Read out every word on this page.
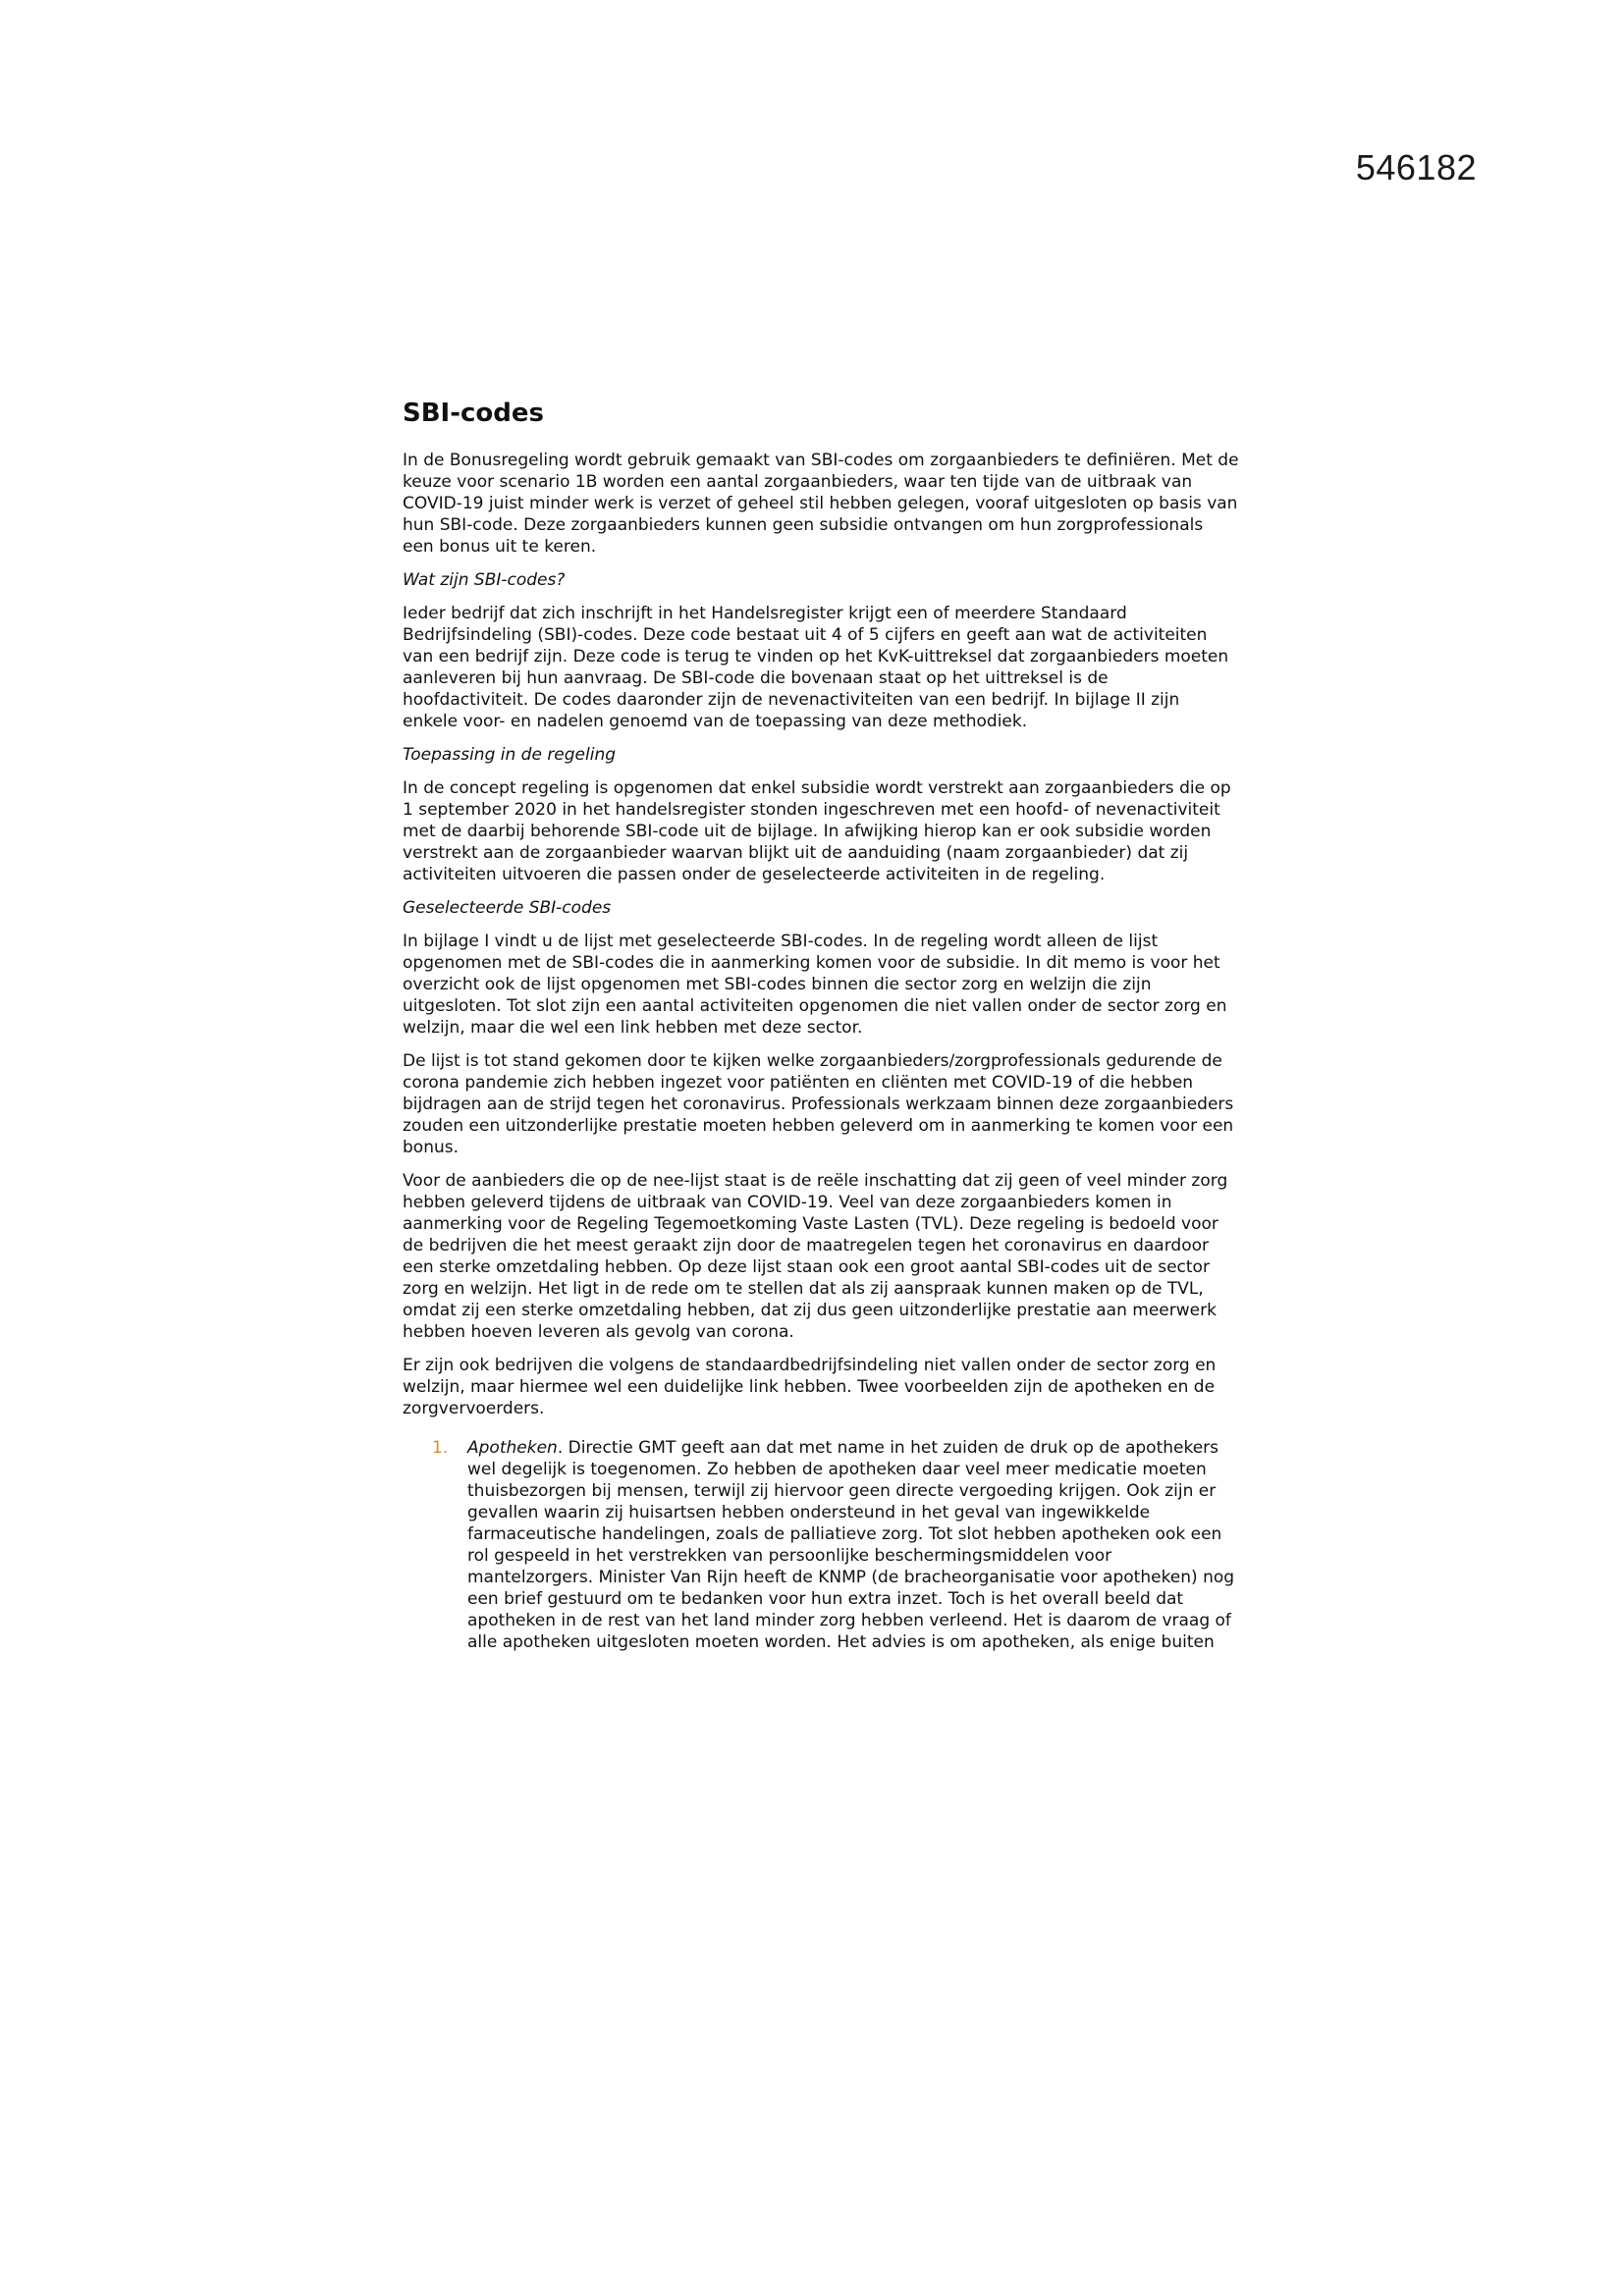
546182
SBI-codes

In de Bonusregeling wordt gebruik gemaakt van SBI-codes om zorgaanbieders te definiëren. Met de keuze voor scenario 1B worden een aantal zorgaanbieders, waar ten tijde van de uitbraak van COVID-19 juist minder werk is verzet of geheel stil hebben gelegen, vooraf uitgesloten op basis van hun SBI-code. Deze zorgaanbieders kunnen geen subsidie ontvangen om hun zorgprofessionals een bonus uit te keren.

Wat zijn SBI-codes?

Ieder bedrijf dat zich inschrijft in het Handelsregister krijgt een of meerdere Standaard Bedrijfsindeling (SBI)-codes. Deze code bestaat uit 4 of 5 cijfers en geeft aan wat de activiteiten van een bedrijf zijn. Deze code is terug te vinden op het KvK-uittreksel dat zorgaanbieders moeten aanleveren bij hun aanvraag. De SBI-code die bovenaan staat op het uittreksel is de hoofdactiviteit. De codes daaronder zijn de nevenactiviteiten van een bedrijf. In bijlage II zijn enkele voor- en nadelen genoemd van de toepassing van deze methodiek.

Toepassing in de regeling

In de concept regeling is opgenomen dat enkel subsidie wordt verstrekt aan zorgaanbieders die op 1 september 2020 in het handelsregister stonden ingeschreven met een hoofd- of nevenactiviteit met de daarbij behorende SBI-code uit de bijlage. In afwijking hierop kan er ook subsidie worden verstrekt aan de zorgaanbieder waarvan blijkt uit de aanduiding (naam zorgaanbieder) dat zij activiteiten uitvoeren die passen onder de geselecteerde activiteiten in de regeling.

Geselecteerde SBI-codes

In bijlage I vindt u de lijst met geselecteerde SBI-codes. In de regeling wordt alleen de lijst opgenomen met de SBI-codes die in aanmerking komen voor de subsidie. In dit memo is voor het overzicht ook de lijst opgenomen met SBI-codes binnen die sector zorg en welzijn die zijn uitgesloten. Tot slot zijn een aantal activiteiten opgenomen die niet vallen onder de sector zorg en welzijn, maar die wel een link hebben met deze sector.

De lijst is tot stand gekomen door te kijken welke zorgaanbieders/zorgprofessionals gedurende de corona pandemie zich hebben ingezet voor patiënten en cliënten met COVID-19 of die hebben bijdragen aan de strijd tegen het coronavirus. Professionals werkzaam binnen deze zorgaanbieders zouden een uitzonderlijke prestatie moeten hebben geleverd om in aanmerking te komen voor een bonus.

Voor de aanbieders die op de nee-lijst staat is de reële inschatting dat zij geen of veel minder zorg hebben geleverd tijdens de uitbraak van COVID-19. Veel van deze zorgaanbieders komen in aanmerking voor de Regeling Tegemoetkoming Vaste Lasten (TVL). Deze regeling is bedoeld voor de bedrijven die het meest geraakt zijn door de maatregelen tegen het coronavirus en daardoor een sterke omzetdaling hebben. Op deze lijst staan ook een groot aantal SBI-codes uit de sector zorg en welzijn. Het ligt in de rede om te stellen dat als zij aanspraak kunnen maken op de TVL, omdat zij een sterke omzetdaling hebben, dat zij dus geen uitzonderlijke prestatie aan meerwerk hebben hoeven leveren als gevolg van corona.

Er zijn ook bedrijven die volgens de standaardbedrijfsindeling niet vallen onder de sector zorg en welzijn, maar hiermee wel een duidelijke link hebben. Twee voorbeelden zijn de apotheken en de zorgvervoerders.

1. Apotheken. Directie GMT geeft aan dat met name in het zuiden de druk op de apothekers wel degelijk is toegenomen. Zo hebben de apotheken daar veel meer medicatie moeten thuisbezorgen bij mensen, terwijl zij hiervoor geen directe vergoeding krijgen. Ook zijn er gevallen waarin zij huisartsen hebben ondersteund in het geval van ingewikkelde farmaceutische handelingen, zoals de palliatieve zorg. Tot slot hebben apotheken ook een rol gespeeld in het verstrekken van persoonlijke beschermingsmiddelen voor mantelzorgers. Minister Van Rijn heeft de KNMP (de bracheorganisatie voor apotheken) nog een brief gestuurd om te bedanken voor hun extra inzet. Toch is het overall beeld dat apotheken in de rest van het land minder zorg hebben verleend. Het is daarom de vraag of alle apotheken uitgesloten moeten worden. Het advies is om apotheken, als enige buiten
